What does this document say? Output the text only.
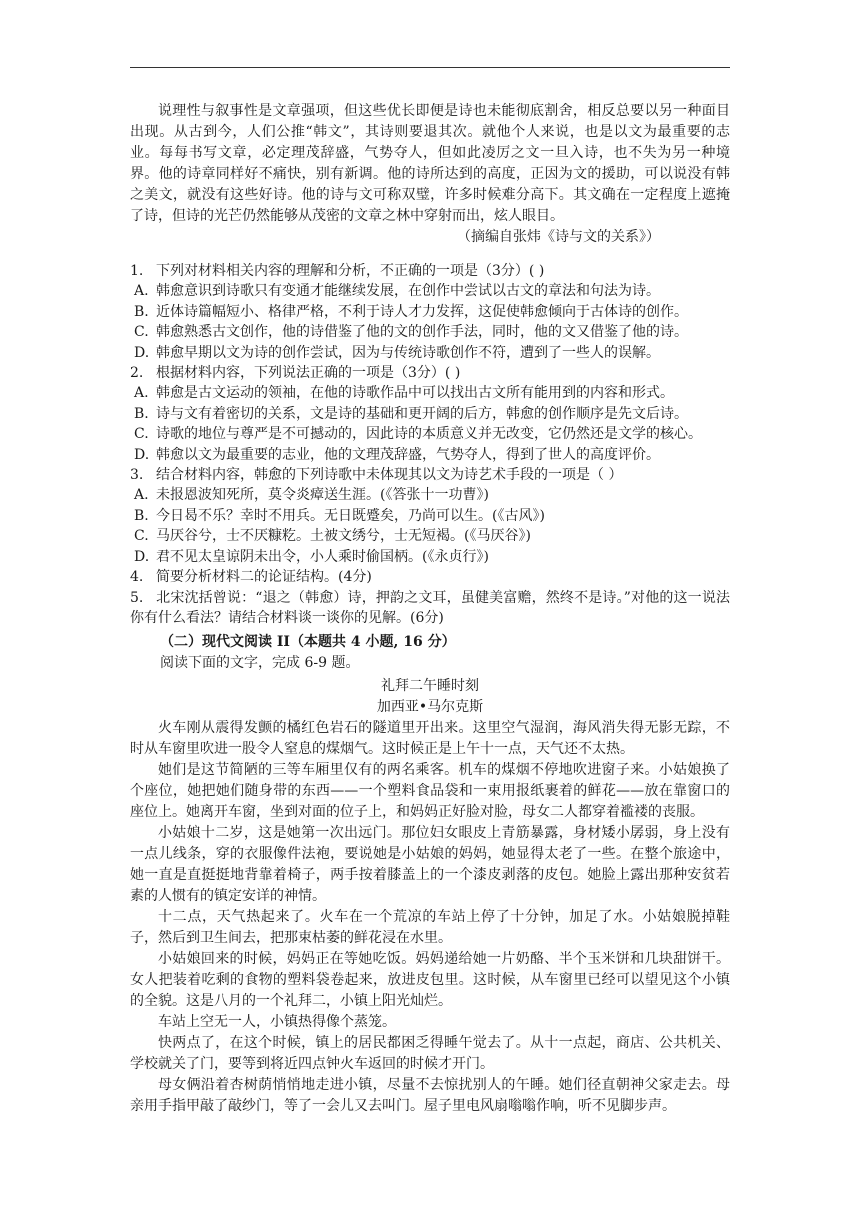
说理性与叙事性是文章强项，但这些优长即便是诗也未能彻底割舍，相反总要以另一种面目出现。从古到今，人们公推“韩文”，其诗则要退其次。就他个人来说，也是以文为最重要的志业。每每书写文章，必定理茂辞盛，气势夺人，但如此凌厉之文一旦入诗，也不失为另一种境界。他的诗章同样好不痛快，别有新调。他的诗所达到的高度，正因为文的援助，可以说没有韩之美文，就没有这些好诗。他的诗与文可称双璧，许多时候难分高下。其文确在一定程度上遮掩了诗，但诗的光芒仍然能够从茂密的文章之林中穿射而出，炫人眼目。

（摘编自张炜《诗与文的关系》）

1. 下列对材料相关内容的理解和分析，不正确的一项是（3分）( )

A. 韩愈意识到诗歌只有变通才能继续发展，在创作中尝试以古文的章法和句法为诗。

B. 近体诗篇幅短小、格律严格，不利于诗人才力发挥，这促使韩愈倾向于古体诗的创作。

C. 韩愈熟悉古文创作，他的诗借鉴了他的文的创作手法，同时，他的文又借鉴了他的诗。

D. 韩愈早期以文为诗的创作尝试，因为与传统诗歌创作不符，遭到了一些人的误解。

2. 根据材料内容，下列说法正确的一项是（3分）( )

A. 韩愈是古文运动的领袖，在他的诗歌作品中可以找出古文所有能用到的内容和形式。

B. 诗与文有着密切的关系，文是诗的基础和更开阔的后方，韩愈的创作顺序是先文后诗。

C. 诗歌的地位与尊严是不可撼动的，因此诗的本质意义并无改变，它仍然还是文学的核心。

D. 韩愈以文为最重要的志业，他的文理茂辞盛，气势夺人，得到了世人的高度评价。

3. 结合材料内容，韩愈的下列诗歌中未体现其以文为诗艺术手段的一项是（ ）

A. 未报恩波知死所，莫令炎瘴送生涯。(《答张十一功曹》)

B. 今日曷不乐？幸时不用兵。无日既蹙矣，乃尚可以生。(《古风》)

C. 马厌谷兮，士不厌糠籺。土被文绣兮，士无短褐。(《马厌谷》)

D. 君不见太皇谅阴未出令，小人乘时偷国柄。(《永贞行》)

4. 简要分析材料二的论证结构。(4分)

5. 北宋沈括曾说：“退之（韩愈）诗，押韵之文耳，虽健美富赡，然终不是诗。”对他的这一说法你有什么看法？请结合材料谈一谈你的见解。(6分)

（二）现代文阅读 II（本题共 4 小题, 16 分）

阅读下面的文字，完成 6-9 题。

礼拜二午睡时刻

加西亚•马尔克斯

火车刚从震得发颤的橘红色岩石的隧道里开出来。这里空气湿润，海风消失得无影无踪，不时从车窗里吹进一股令人窒息的煤烟气。这时候正是上午十一点，天气还不太热。

她们是这节简陋的三等车厢里仅有的两名乘客。机车的煤烟不停地吹进窗子来。小姑娘换了个座位，她把她们随身带的东西——一个塑料食品袋和一束用报纸裹着的鲜花——放在靠窗口的座位上。她离开车窗，坐到对面的位子上，和妈妈正好脸对脸，母女二人都穿着褴褛的丧服。

小姑娘十二岁，这是她第一次出远门。那位妇女眼皮上青筋暴露，身材矮小孱弱，身上没有一点儿线条，穿的衣服像件法袍，要说她是小姑娘的妈妈，她显得太老了一些。在整个旅途中，她一直是直挺挺地背靠着椅子，两手按着膝盖上的一个漆皮剥落的皮包。她脸上露出那种安贫若素的人惯有的镇定安详的神情。

十二点，天气热起来了。火车在一个荒凉的车站上停了十分钟，加足了水。小姑娘脱掉鞋子，然后到卫生间去，把那束枯萎的鲜花浸在水里。

小姑娘回来的时候，妈妈正在等她吃饭。妈妈递给她一片奶酪、半个玉米饼和几块甜饼干。女人把装着吃剩的食物的塑料袋卷起来，放进皮包里。这时候，从车窗里已经可以望见这个小镇的全貌。这是八月的一个礼拜二，小镇上阳光灿烂。

车站上空无一人，小镇热得像个蒸笼。

快两点了，在这个时候，镇上的居民都困乏得睡午觉去了。从十一点起，商店、公共机关、学校就关了门，要等到将近四点钟火车返回的时候才开门。

母女俩沿着杏树荫悄悄地走进小镇，尽量不去惊扰别人的午睡。她们径直朝神父家走去。母亲用手指甲敲了敲纱门，等了一会儿又去叫门。屋子里电风扇嗡嗡作响，听不见脚步声。
